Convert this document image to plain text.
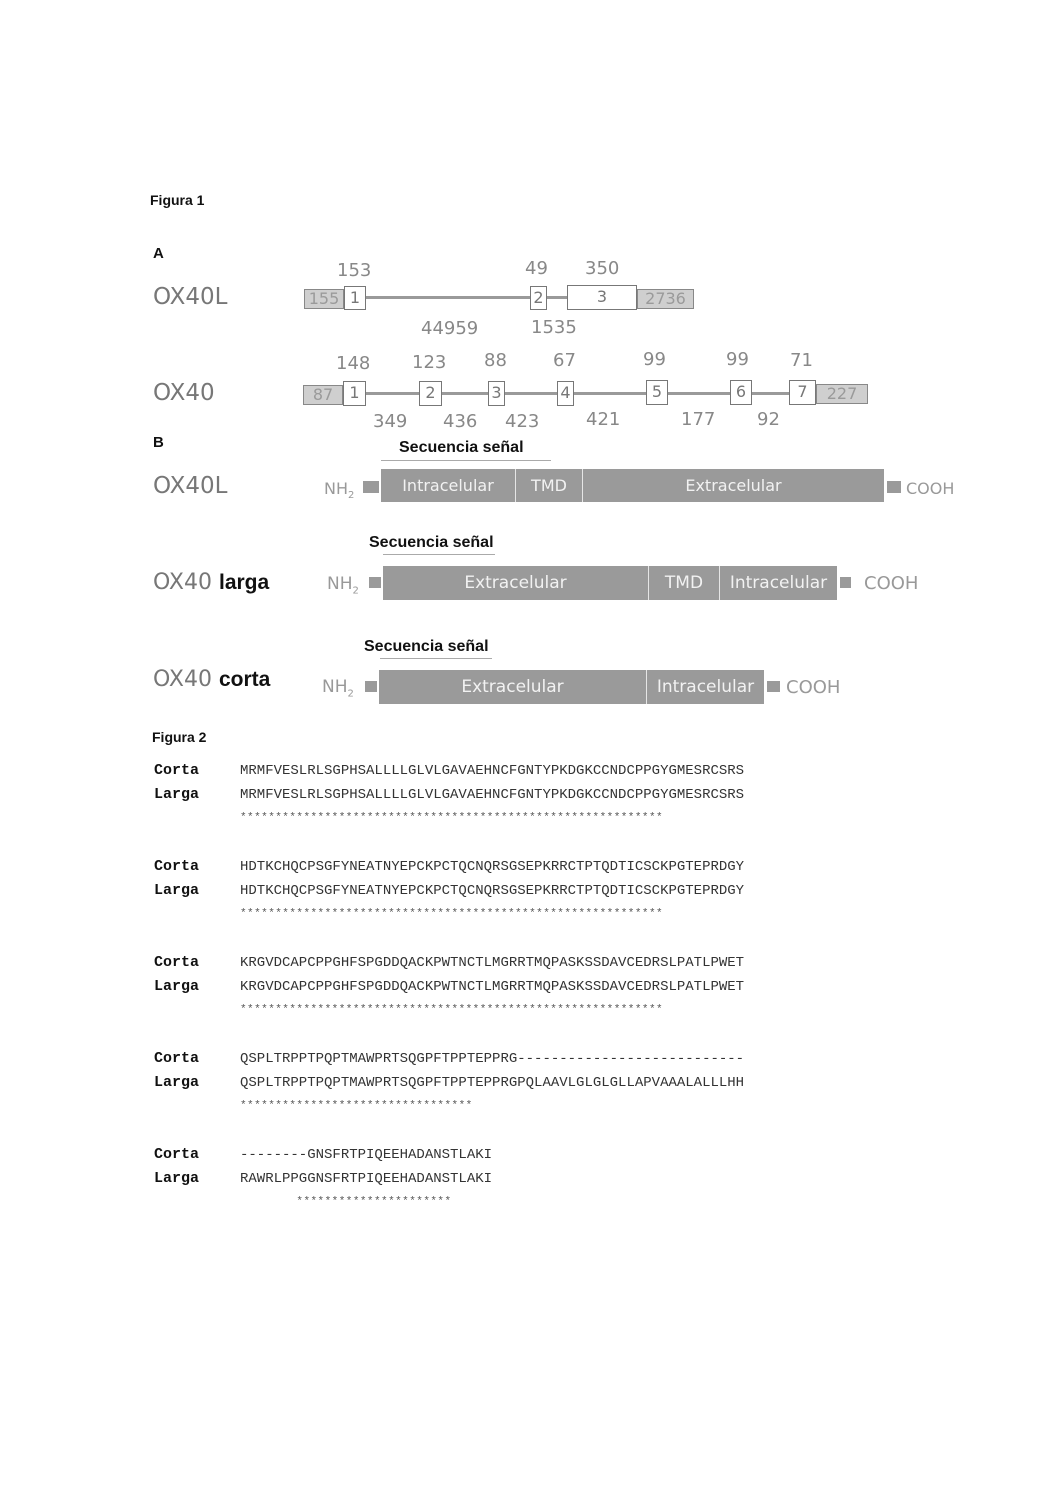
Figura 1
A
OX40L
153	49 350
155 1	2	3	2736
44959	1535
OX40
148 123 88	67	99	99 71
87	1	2	3	4	5	6	7	227
349 436 423	421	177 92
B	Secuencia señal
OX40L	$NH_2$
Intracelular	TMD	Extracelular	COOH
Secuencia señal
OX40 larga	$NH_2$	Extracelular	TMD	Intracelular	COOH
Secuencia señal
OX40 corta	$NH_2$	Extracelular	Intracelular	COOH
Figura 2
Corta	MRMFVESLRLSGPHSALLLLGLVLGAVAEHNCFGNTYPKDGKCCNDCPPGYGMESRCSRS
Larga	MRMFVESLRLSGPHSALLLLGLVLGAVAEHNCFGNTYPKDGKCCNDCPPGYGMESRCSRS
************************************************************
Corta	HDTKCHQCPSGFYNEATNYEPCKPCTQCNQRSGSEPKRRCTPTQDTICSCKPGTEPRDGY
Larga	HDTKCHQCPSGFYNEATNYEPCKPCTQCNQRSGSEPKRRCTPTQDTICSCKPGTEPRDGY
************************************************************
Corta	KRGVDCAPCPPGHFSPGDDQACKPWTNCTLMGRRTMQPASKSSDAVCEDRSLPATLPWET
Larga	KRGVDCAPCPPGHFSPGDDQACKPWTNCTLMGRRTMQPASKSSDAVCEDRSLPATLPWET
************************************************************
Corta	QSPLTRPPTPQPTMAWPRTSQGPFTPPTEPPRG---------------------------
Larga	QSPLTRPPTPQPTMAWPRTSQGPFTPPTEPPRGPQLAAVLGLGLGLLAPVAAALALLLHH
*********************************
Corta	--------GNSFRTPIQEEHADANSTLAKI
Larga	RAWRLPPGGNSFRTPIQEEHADANSTLAKI
**********************
